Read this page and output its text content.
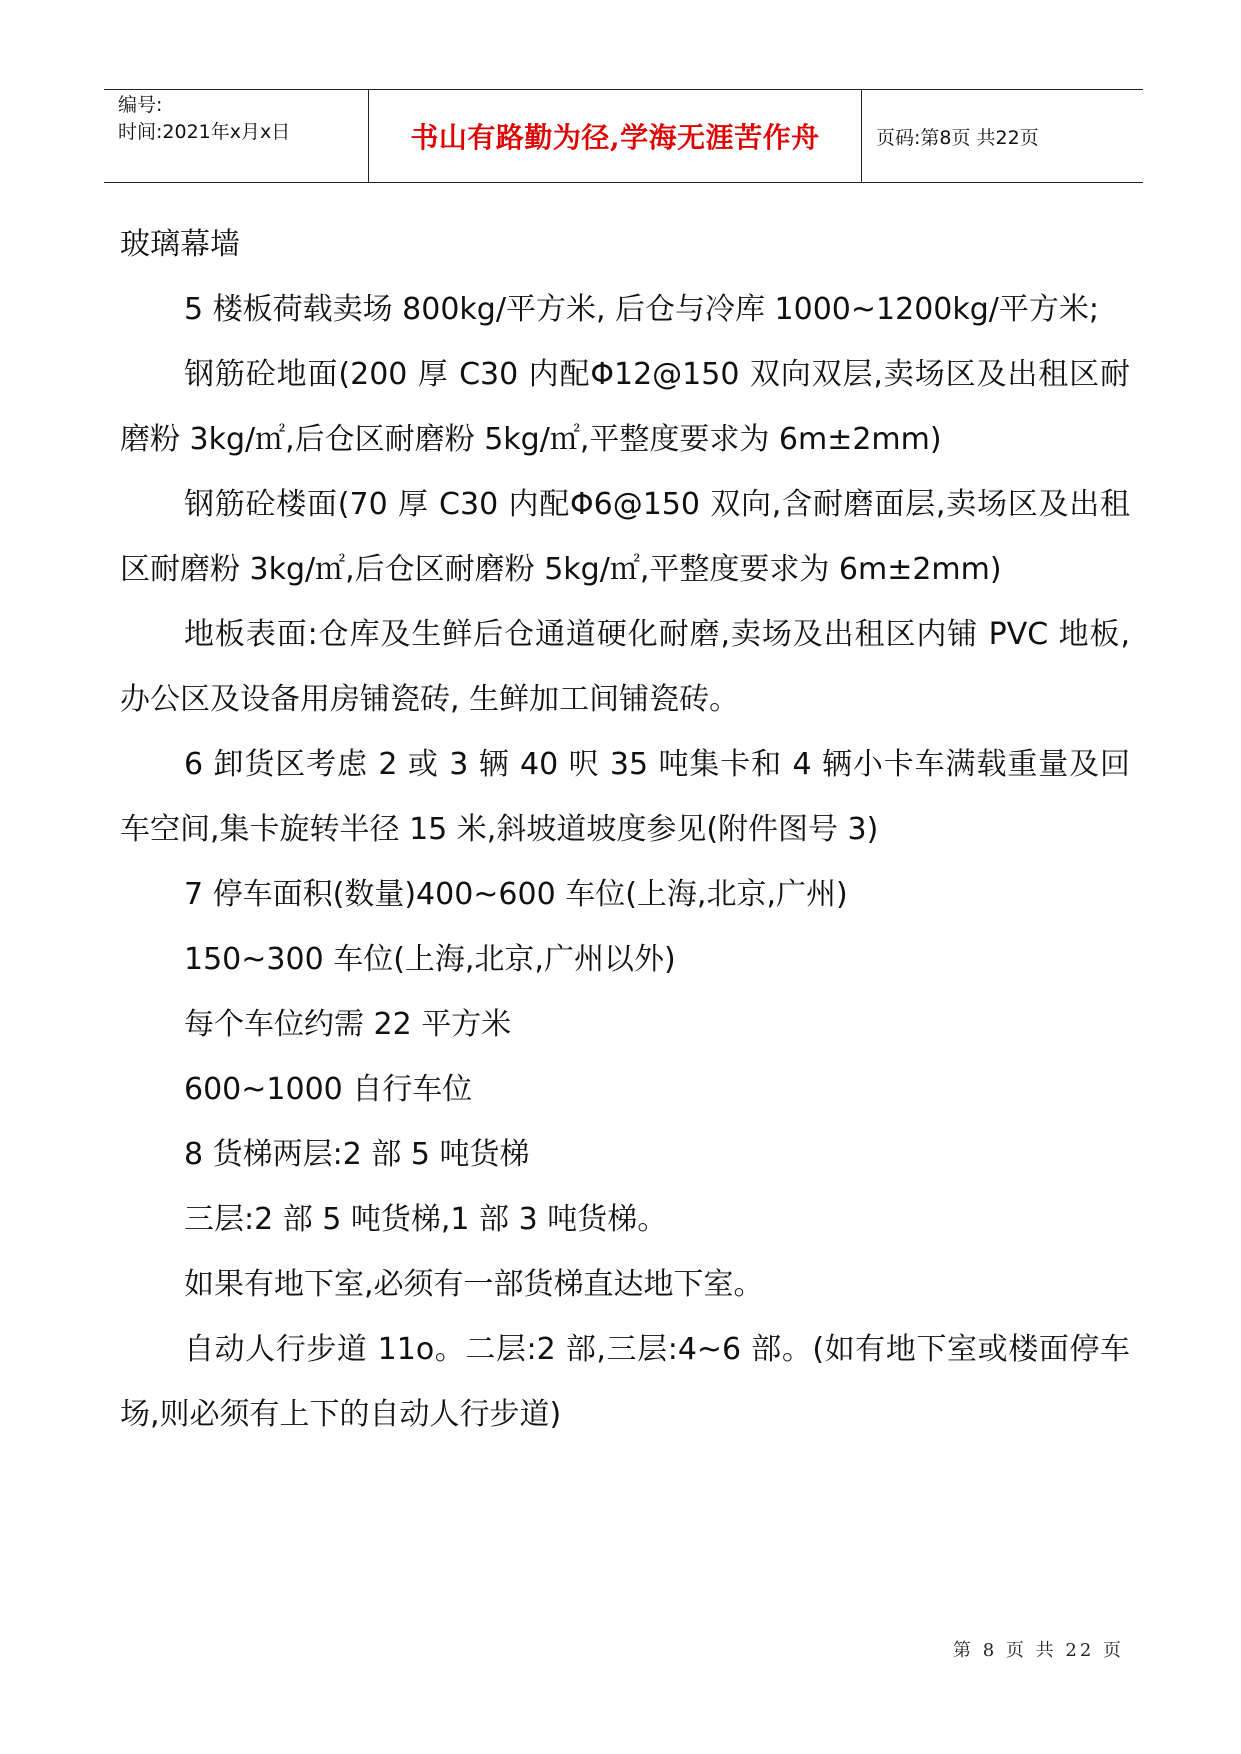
编号:
时间:2021年x月x日	书山有路勤为径,学海无涯苦作舟	页码:第8页 共22页

玻璃幕墙

5 楼板荷载卖场 800kg/平方米, 后仓与冷库 1000~1200kg/平方米;

钢筋砼地面(200 厚 C30 内配Φ12@150 双向双层,卖场区及出租区耐磨粉 3kg/㎡,后仓区耐磨粉 5kg/㎡,平整度要求为 6m±2mm)

钢筋砼楼面(70 厚 C30 内配Φ6@150 双向,含耐磨面层,卖场区及出租区耐磨粉 3kg/㎡,后仓区耐磨粉 5kg/㎡,平整度要求为 6m±2mm)

地板表面:仓库及生鲜后仓通道硬化耐磨,卖场及出租区内铺 PVC 地板,办公区及设备用房铺瓷砖, 生鲜加工间铺瓷砖。

6 卸货区考虑 2 或 3 辆 40 呎 35 吨集卡和 4 辆小卡车满载重量及回车空间,集卡旋转半径 15 米,斜坡道坡度参见(附件图号 3)

7 停车面积(数量)400~600 车位(上海,北京,广州)

150~300 车位(上海,北京,广州以外)

每个车位约需 22 平方米

600~1000 自行车位

8 货梯两层:2 部 5 吨货梯

三层:2 部 5 吨货梯,1 部 3 吨货梯。

如果有地下室,必须有一部货梯直达地下室。

自动人行步道 11o。二层:2 部,三层:4~6 部。(如有地下室或楼面停车场,则必须有上下的自动人行步道)

第 8 页 共 22 页
